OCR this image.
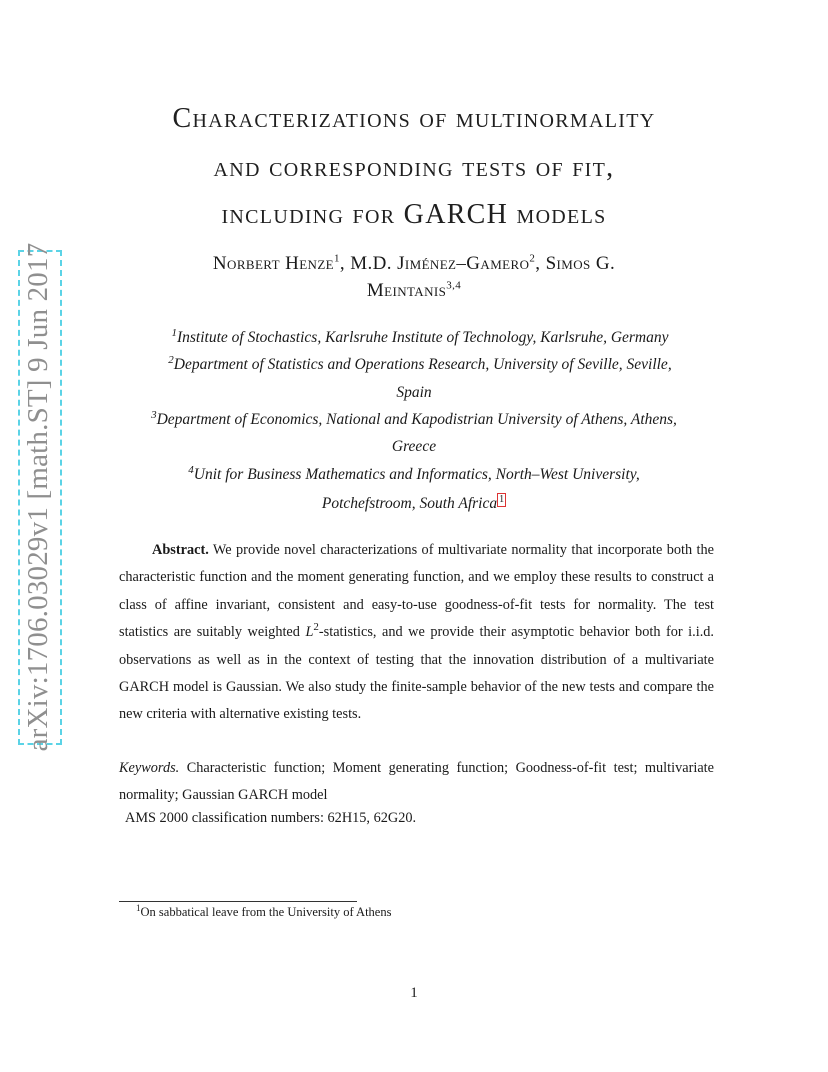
arXiv:1706.03029v1 [math.ST] 9 Jun 2017
Characterizations of multinormality
and corresponding tests of fit,
including for GARCH models
Norbert Henze$^1$, M.D. Jiménez–Gamero$^2$, Simos G.
Meintanis$^{3,4}$
$^1$Institute of Stochastics, Karlsruhe Institute of Technology, Karlsruhe, Germany
$^2$Department of Statistics and Operations Research, University of Seville, Seville,
Spain
$^3$Department of Economics, National and Kapodistrian University of Athens, Athens,
Greece
$^4$Unit for Business Mathematics and Informatics, North–West University,
Potchefstroom, South Africa 1
Abstract. We provide novel characterizations of multivariate normality that incorporate both the characteristic function and the moment generating function, and we employ these results to construct a class of affine invariant, consistent and easy-to-use goodness-of-fit tests for normality. The test statistics are suitably weighted $L^2$-statistics, and we provide their asymptotic behavior both for i.i.d. observations as well as in the context of testing that the innovation distribution of a multivariate GARCH model is Gaussian. We also study the finite-sample behavior of the new tests and compare the new criteria with alternative existing tests.
Keywords. Characteristic function; Moment generating function; Goodness-of-fit test; multivariate normality; Gaussian GARCH model
AMS 2000 classification numbers: 62H15, 62G20.
$^1$On sabbatical leave from the University of Athens
1
